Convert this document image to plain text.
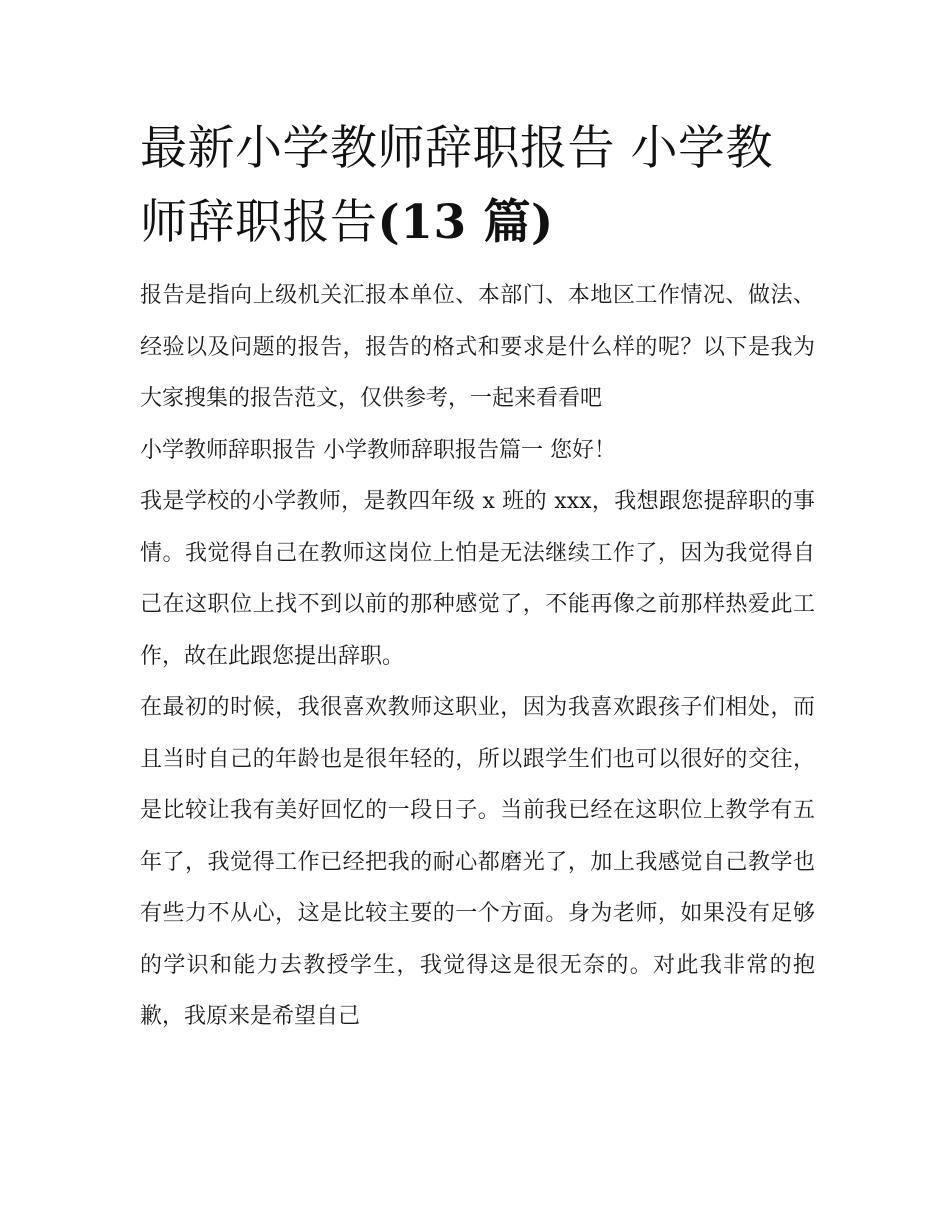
最新小学教师辞职报告 小学教师辞职报告(13 篇)

报告是指向上级机关汇报本单位、本部门、本地区工作情况、做法、经验以及问题的报告，报告的格式和要求是什么样的呢？以下是我为大家搜集的报告范文，仅供参考，一起来看看吧

小学教师辞职报告 小学教师辞职报告篇一 您好！

我是学校的小学教师，是教四年级 x 班的 xxx，我想跟您提辞职的事情。我觉得自己在教师这岗位上怕是无法继续工作了，因为我觉得自己在这职位上找不到以前的那种感觉了，不能再像之前那样热爱此工作，故在此跟您提出辞职。

在最初的时候，我很喜欢教师这职业，因为我喜欢跟孩子们相处，而且当时自己的年龄也是很年轻的，所以跟学生们也可以很好的交往，是比较让我有美好回忆的一段日子。当前我已经在这职位上教学有五年了，我觉得工作已经把我的耐心都磨光了，加上我感觉自己教学也有些力不从心，这是比较主要的一个方面。身为老师，如果没有足够的学识和能力去教授学生，我觉得这是很无奈的。对此我非常的抱歉，我原来是希望自己
